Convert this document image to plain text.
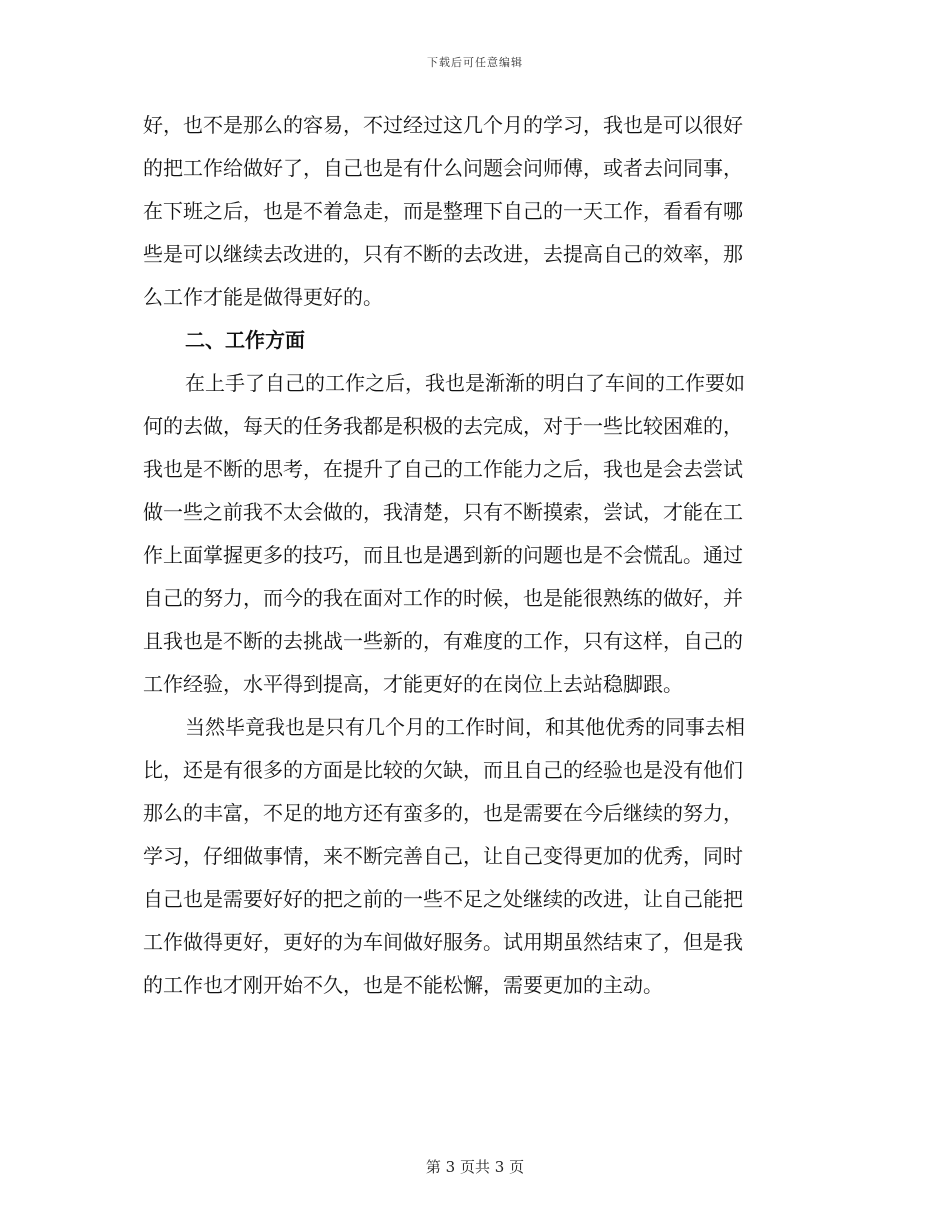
下载后可任意编辑
好，也不是那么的容易，不过经过这几个月的学习，我也是可以很好
的把工作给做好了，自己也是有什么问题会问师傅，或者去问同事，
在下班之后，也是不着急走，而是整理下自己的一天工作，看看有哪
些是可以继续去改进的，只有不断的去改进，去提高自己的效率，那
么工作才能是做得更好的。
二、工作方面
在上手了自己的工作之后，我也是渐渐的明白了车间的工作要如
何的去做，每天的任务我都是积极的去完成，对于一些比较困难的，
我也是不断的思考，在提升了自己的工作能力之后，我也是会去尝试
做一些之前我不太会做的，我清楚，只有不断摸索，尝试，才能在工
作上面掌握更多的技巧，而且也是遇到新的问题也是不会慌乱。通过
自己的努力，而今的我在面对工作的时候，也是能很熟练的做好，并
且我也是不断的去挑战一些新的，有难度的工作，只有这样，自己的
工作经验，水平得到提高，才能更好的在岗位上去站稳脚跟。
当然毕竟我也是只有几个月的工作时间，和其他优秀的同事去相
比，还是有很多的方面是比较的欠缺，而且自己的经验也是没有他们
那么的丰富，不足的地方还有蛮多的，也是需要在今后继续的努力，
学习，仔细做事情，来不断完善自己，让自己变得更加的优秀，同时
自己也是需要好好的把之前的一些不足之处继续的改进，让自己能把
工作做得更好，更好的为车间做好服务。试用期虽然结束了，但是我
的工作也才刚开始不久，也是不能松懈，需要更加的主动。
第 3 页共 3 页
